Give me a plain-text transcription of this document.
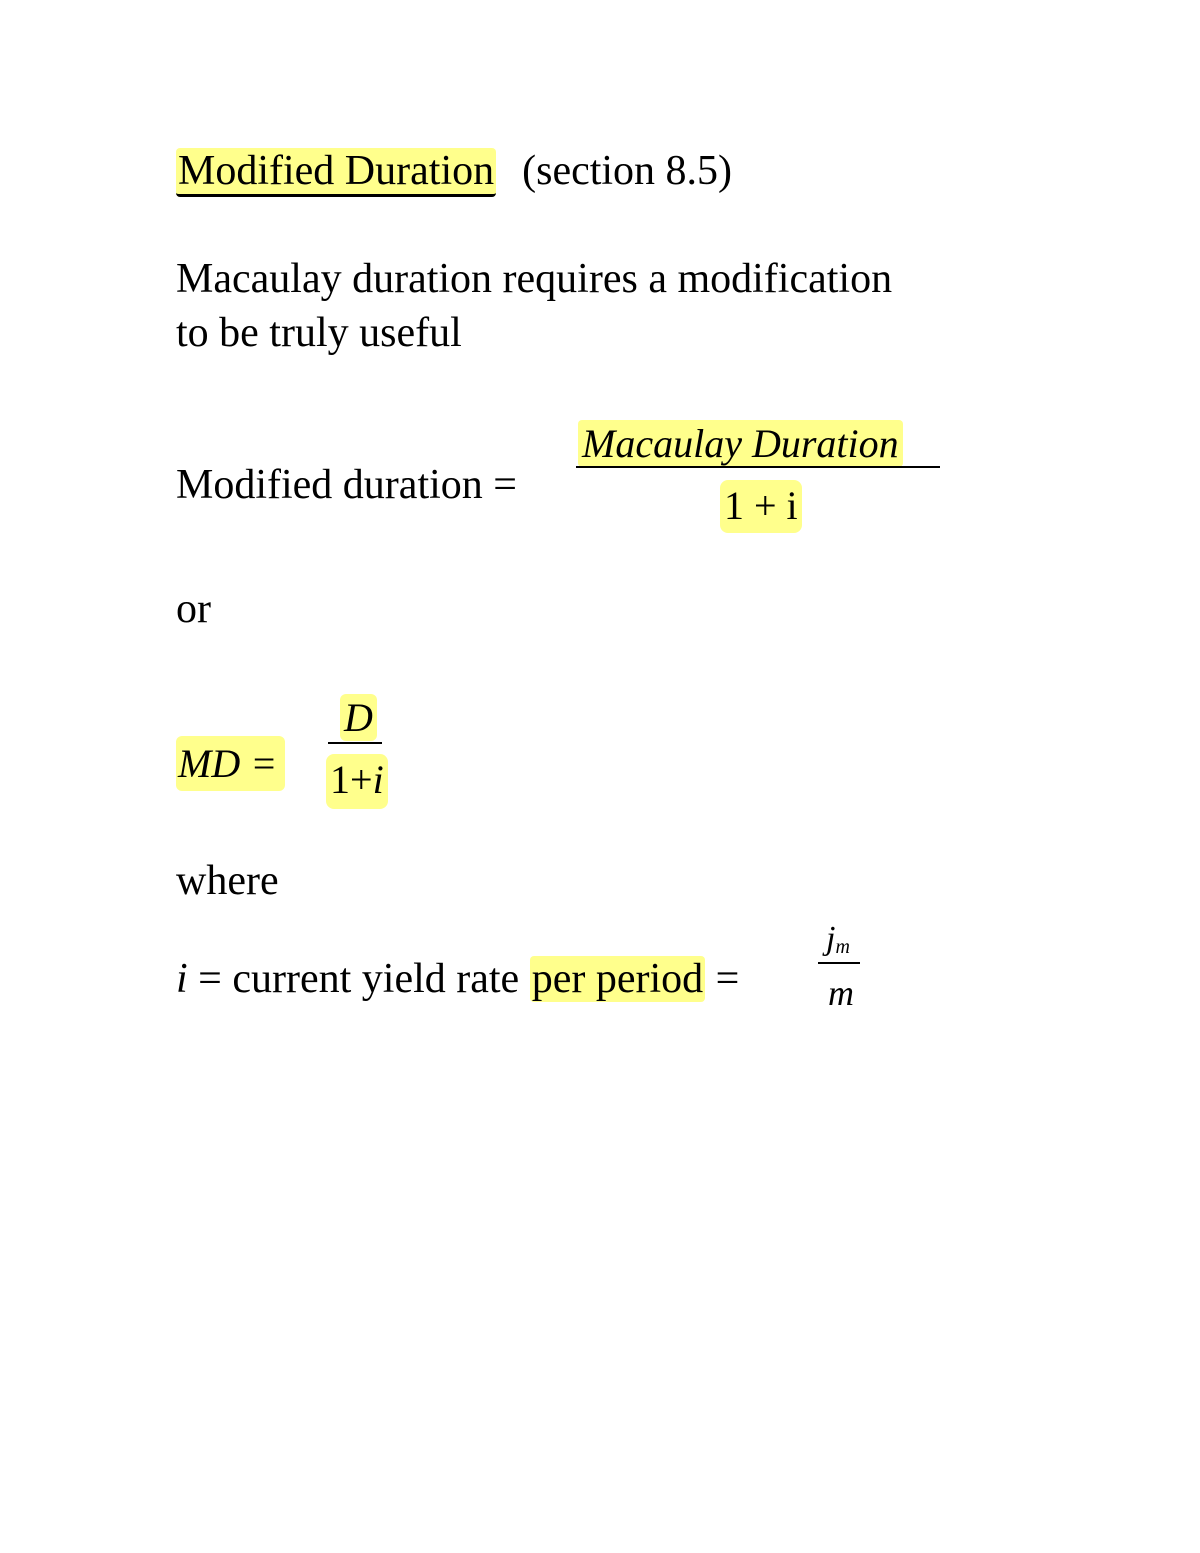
Modified Duration (section 8.5)
Macaulay duration requires a modification
to be truly useful
Modified duration =
Macaulay Duration
1 + i
or
MD =
D
1+i
where
i = current yield rate per period =
$j_m$
m
